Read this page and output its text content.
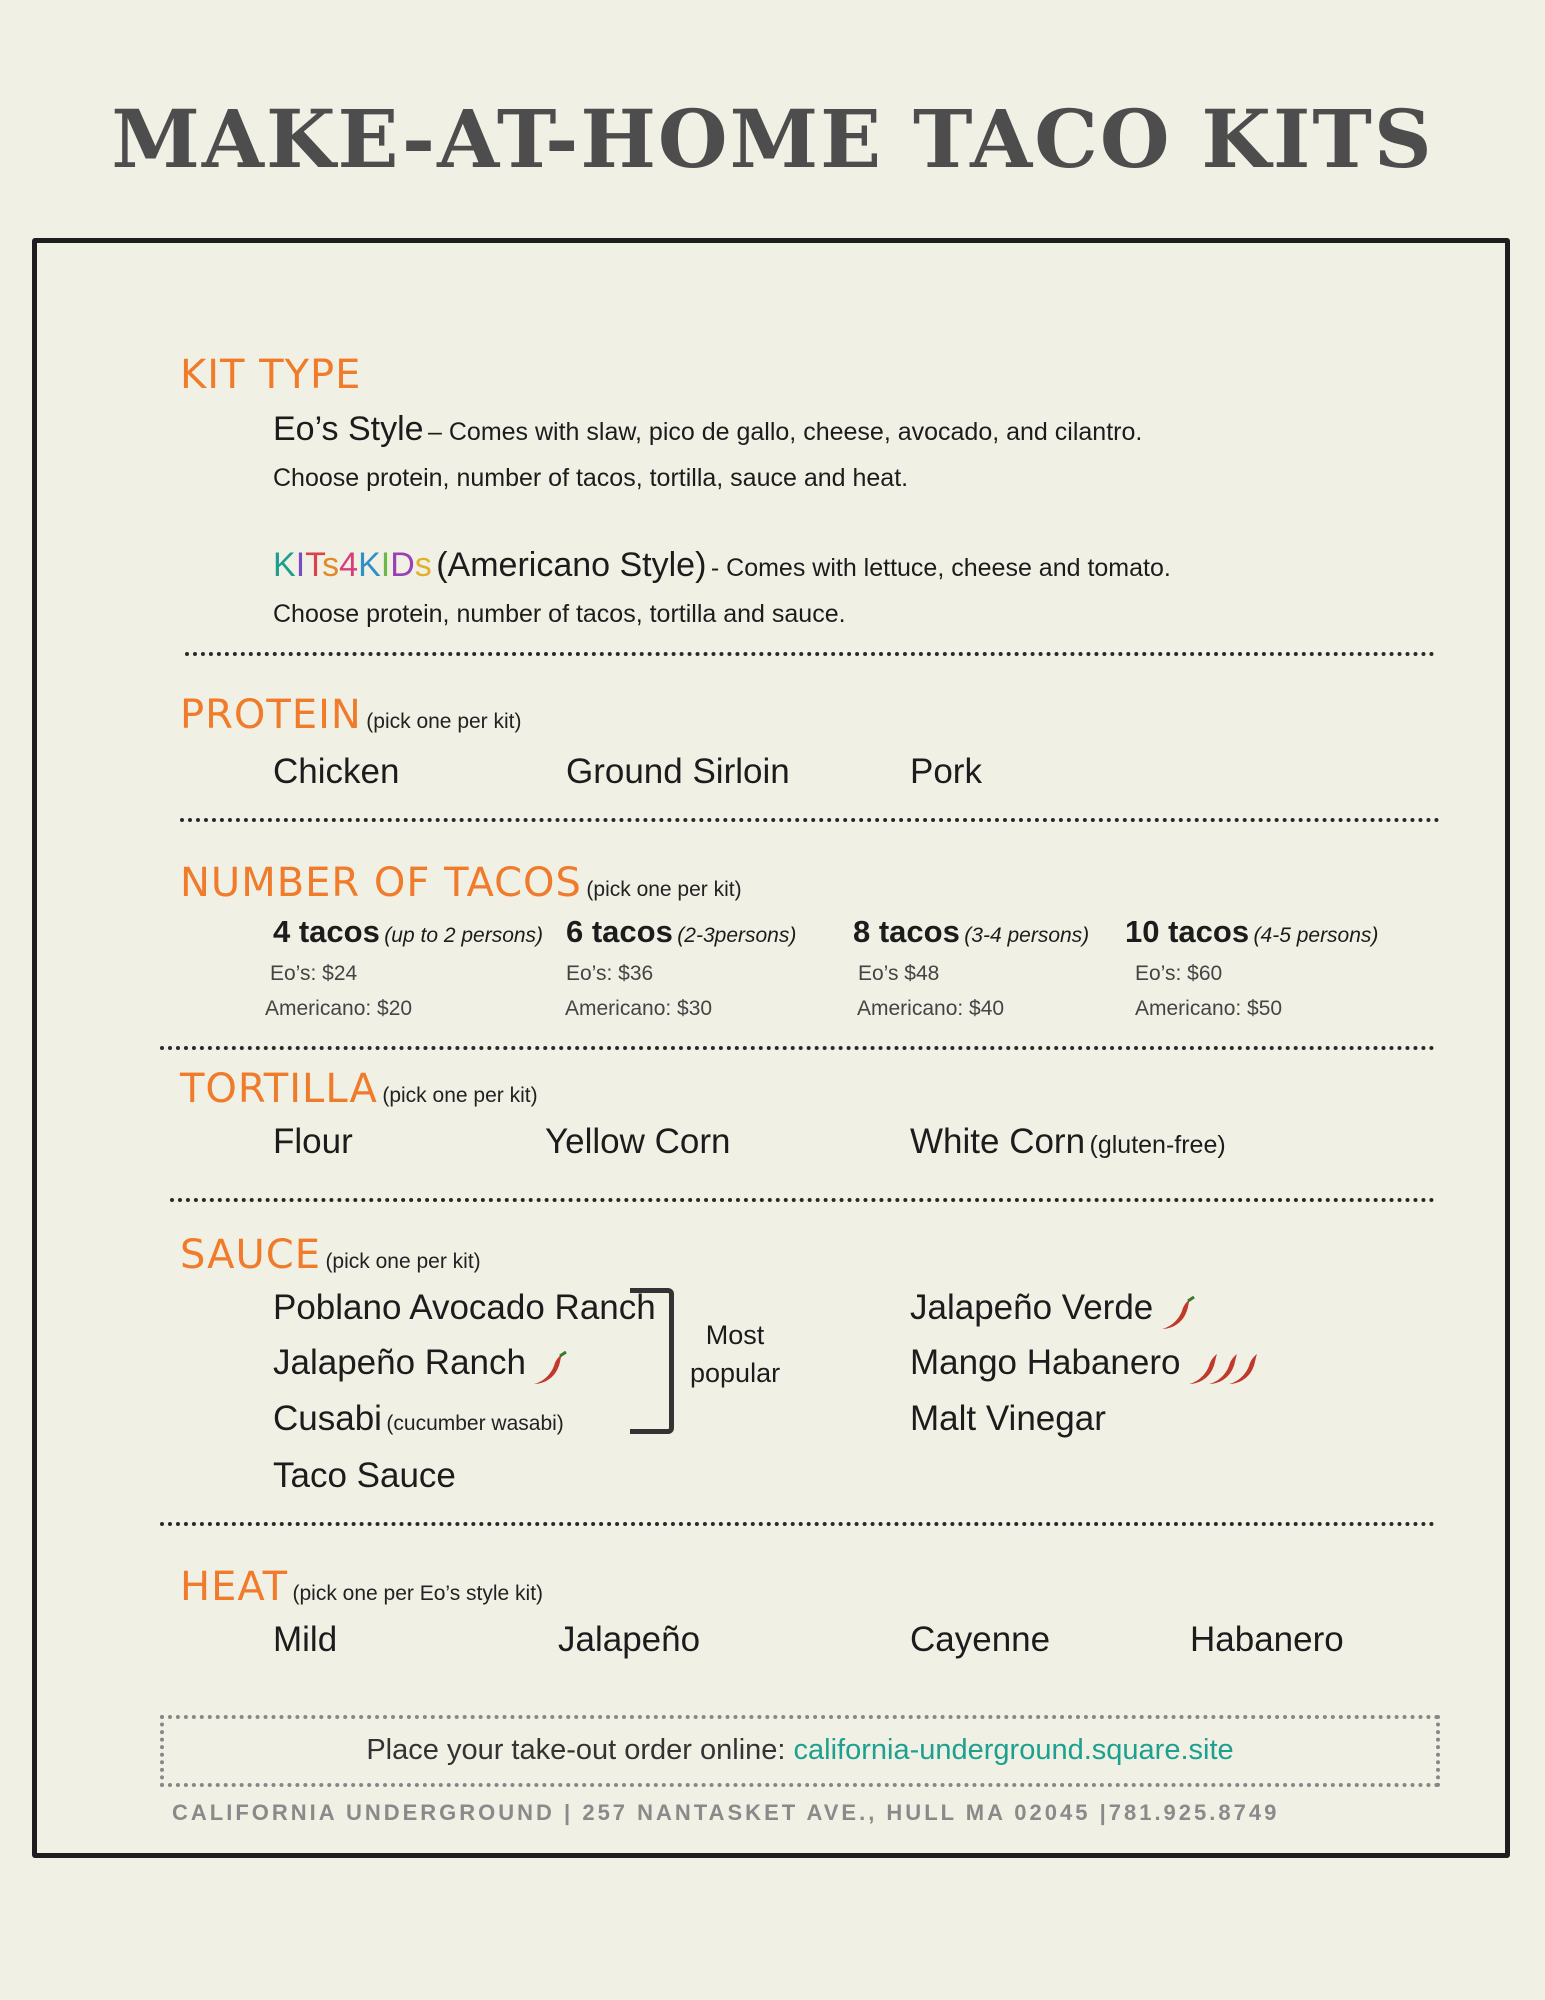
MAKE-AT-HOME TACO KITS
KIT TYPE
Eo’s Style – Comes with slaw, pico de gallo, cheese, avocado, and cilantro.
Choose protein, number of tacos, tortilla, sauce and heat.
KITs4KIDs (Americano Style) - Comes with lettuce, cheese and tomato.
Choose protein, number of tacos, tortilla and sauce.
PROTEIN (pick one per kit)
Chicken	Ground Sirloin	Pork
NUMBER OF TACOS (pick one per kit)
4 tacos (up to 2 persons)
Eo’s: $24
Americano: $20
6 tacos (2-3persons)
Eo’s: $36
Americano: $30
8 tacos (3-4 persons)
Eo’s $48
Americano: $40
10 tacos (4-5 persons)
Eo’s: $60
Americano: $50
TORTILLA (pick one per kit)
Flour	Yellow Corn	White Corn (gluten-free)
SAUCE (pick one per kit)
Poblano Avocado Ranch
Jalapeño Ranch
Cusabi (cucumber wasabi)
Taco Sauce
Most
popular
Jalapeño Verde
Mango Habanero
Malt Vinegar
HEAT (pick one per Eo’s style kit)
Mild	Jalapeño	Cayenne	Habanero
Place your take-out order online: california-underground.square.site
CALIFORNIA UNDERGROUND | 257 NANTASKET AVE., HULL MA 02045 |781.925.8749
